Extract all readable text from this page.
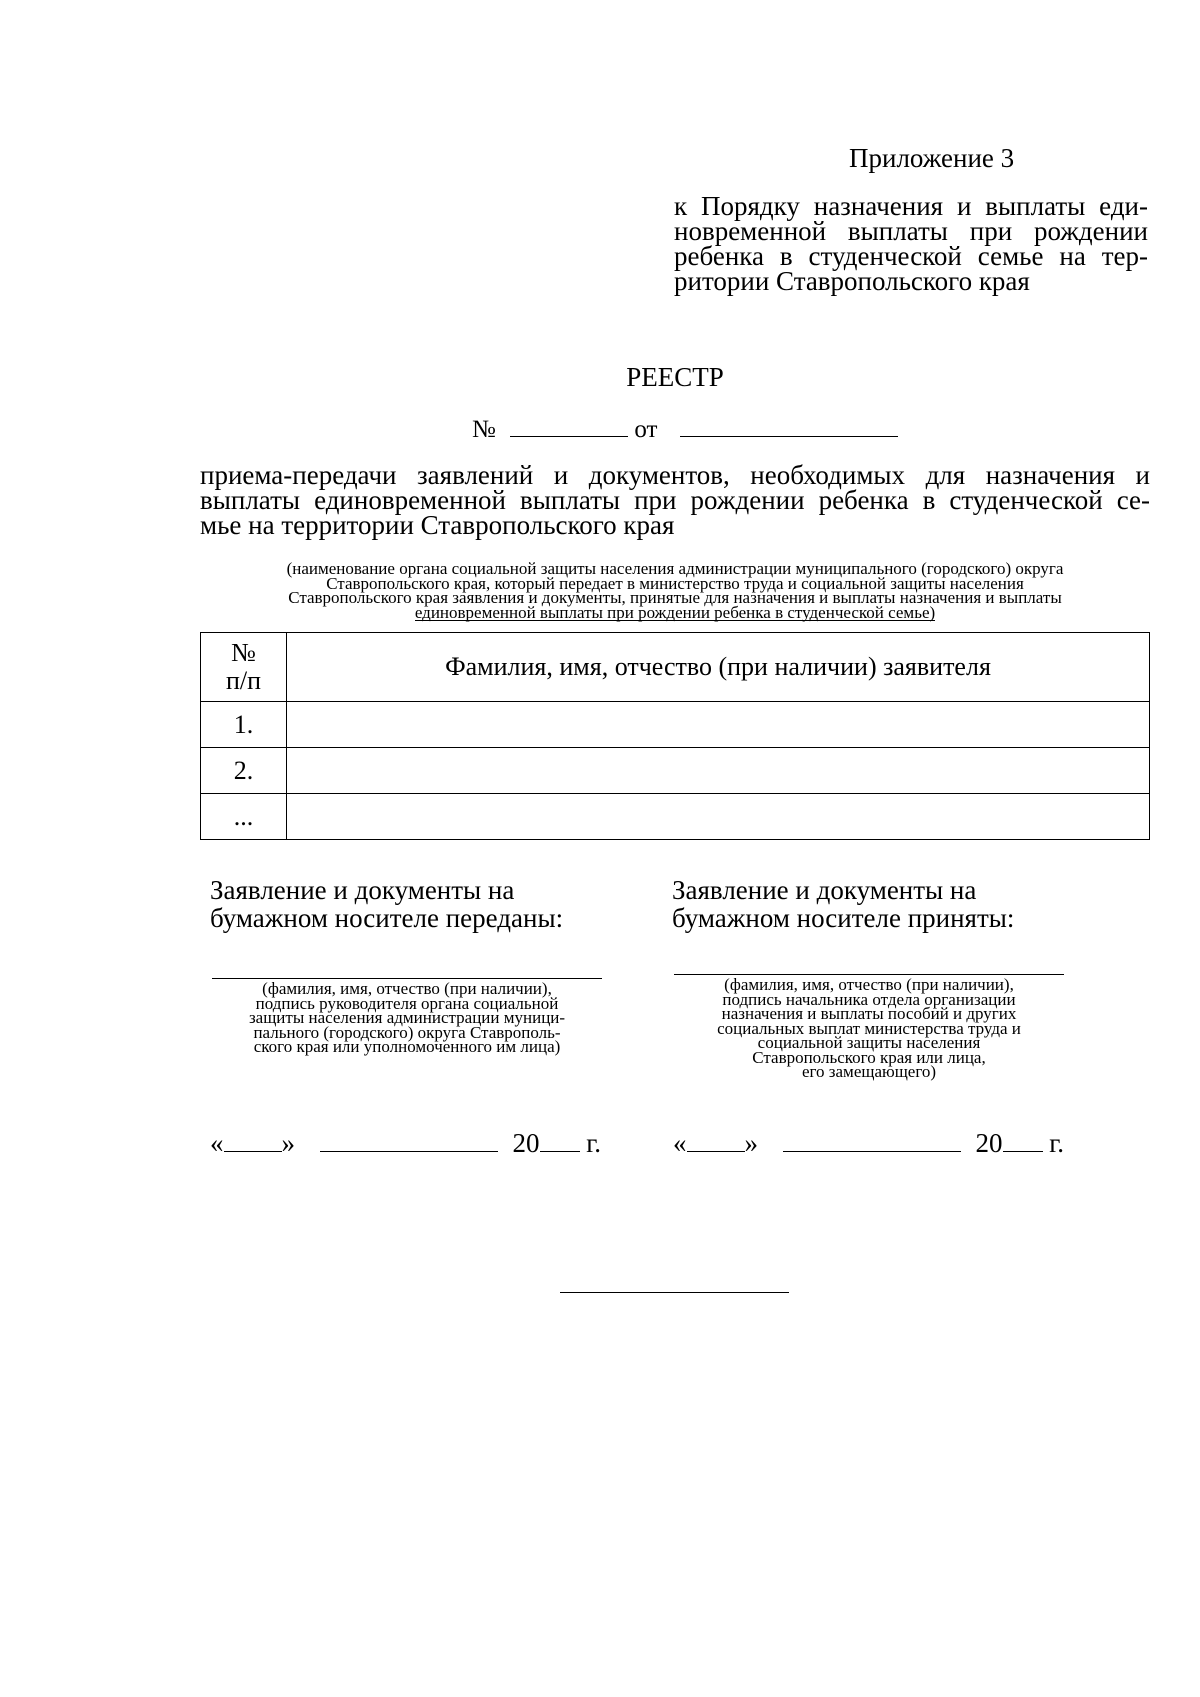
Приложение 3
к Порядку назначения и выплаты еди-
новременной выплаты при рождении
ребенка в студенческой семье на тер-
ритории Ставропольского края
РЕЕСТР
№	от
приема-передачи заявлений и документов, необходимых для назначения и
выплаты единовременной выплаты при рождении ребенка в студенческой се-
мье на территории Ставропольского края
(наименование органа социальной защиты населения администрации муниципального (городского) округа
Ставропольского края, который передает в министерство труда и социальной защиты населения
Ставропольского края заявления и документы, принятые для назначения и выплаты назначения и выплаты
единовременной выплаты при рождении ребенка в студенческой семье)
№
п/п	Фамилия, имя, отчество (при наличии) заявителя
1.	
2.	
...	
Заявление и документы на
бумажном носителе переданы:
(фамилия, имя, отчество (при наличии),
подпись руководителя органа социальной
защиты населения администрации муници-
пального (городского) округа Ставрополь-
ского края или уполномоченного им лица)
« »	20 г.
Заявление и документы на
бумажном носителе приняты:
(фамилия, имя, отчество (при наличии),
подпись начальника отдела организации
назначения и выплаты пособий и других
социальных выплат министерства труда и
социальной защиты населения
Ставропольского края или лица,
его замещающего)
« »	20 г.
